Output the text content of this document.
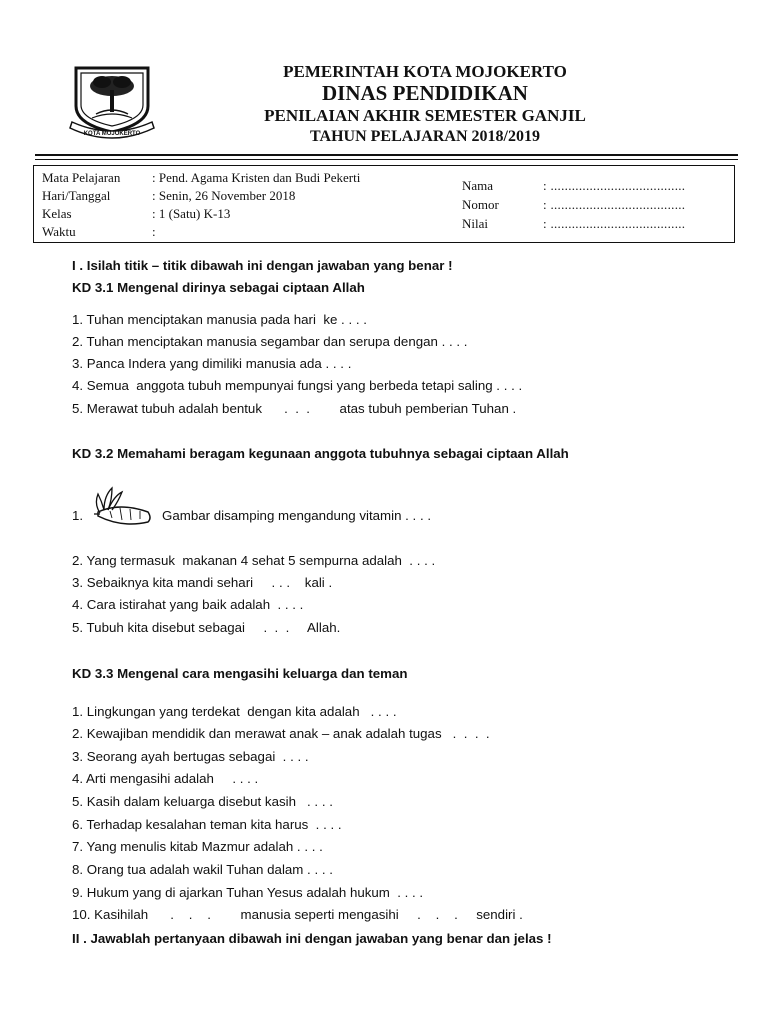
KOTA MOJOKERTO
PEMERINTAH KOTA MOJOKERTO
DINAS PENDIDIKAN
PENILAIAN AKHIR SEMESTER GANJIL
TAHUN PELAJARAN 2018/2019
Mata Pelajaran : Pend. Agama Kristen dan Budi Pekerti
Hari/Tanggal	: Senin, 26 November 2018
Kelas	: 1 (Satu) K-13
Waktu	:
Nama	: ......................................
Nomor	: ......................................
Nilai	: ......................................
I . Isilah titik – titik dibawah ini dengan jawaban yang benar !
KD 3.1 Mengenal dirinya sebagai ciptaan Allah
1. Tuhan menciptakan manusia pada hari  ke . . . .
2. Tuhan menciptakan manusia segambar dan serupa dengan . . . .
3. Panca Indera yang dimiliki manusia ada . . . .
4. Semua  anggota tubuh mempunyai fungsi yang berbeda tetapi saling . . . .
5. Merawat tubuh adalah bentuk      .  .  .        atas tubuh pemberian Tuhan .
KD 3.2 Memahami beragam kegunaan anggota tubuhnya sebagai ciptaan Allah
1.	Gambar disamping mengandung vitamin . . . .
2. Yang termasuk  makanan 4 sehat 5 sempurna adalah  . . . .
3. Sebaiknya kita mandi sehari     . . .    kali .
4. Cara istirahat yang baik adalah  . . . .
5. Tubuh kita disebut sebagai     .  .  .     Allah.
KD 3.3 Mengenal cara mengasihi keluarga dan teman
1. Lingkungan yang terdekat  dengan kita adalah   . . . .
2. Kewajiban mendidik dan merawat anak – anak adalah tugas   .  .  .  .
3. Seorang ayah bertugas sebagai  . . . .
4. Arti mengasihi adalah     . . . .
5. Kasih dalam keluarga disebut kasih   . . . .
6. Terhadap kesalahan teman kita harus  . . . .
7. Yang menulis kitab Mazmur adalah . . . .
8. Orang tua adalah wakil Tuhan dalam . . . .
9. Hukum yang di ajarkan Tuhan Yesus adalah hukum  . . . .
10. Kasihilah      .    .    .        manusia seperti mengasihi     .    .    .     sendiri .
II . Jawablah pertanyaan dibawah ini dengan jawaban yang benar dan jelas !
